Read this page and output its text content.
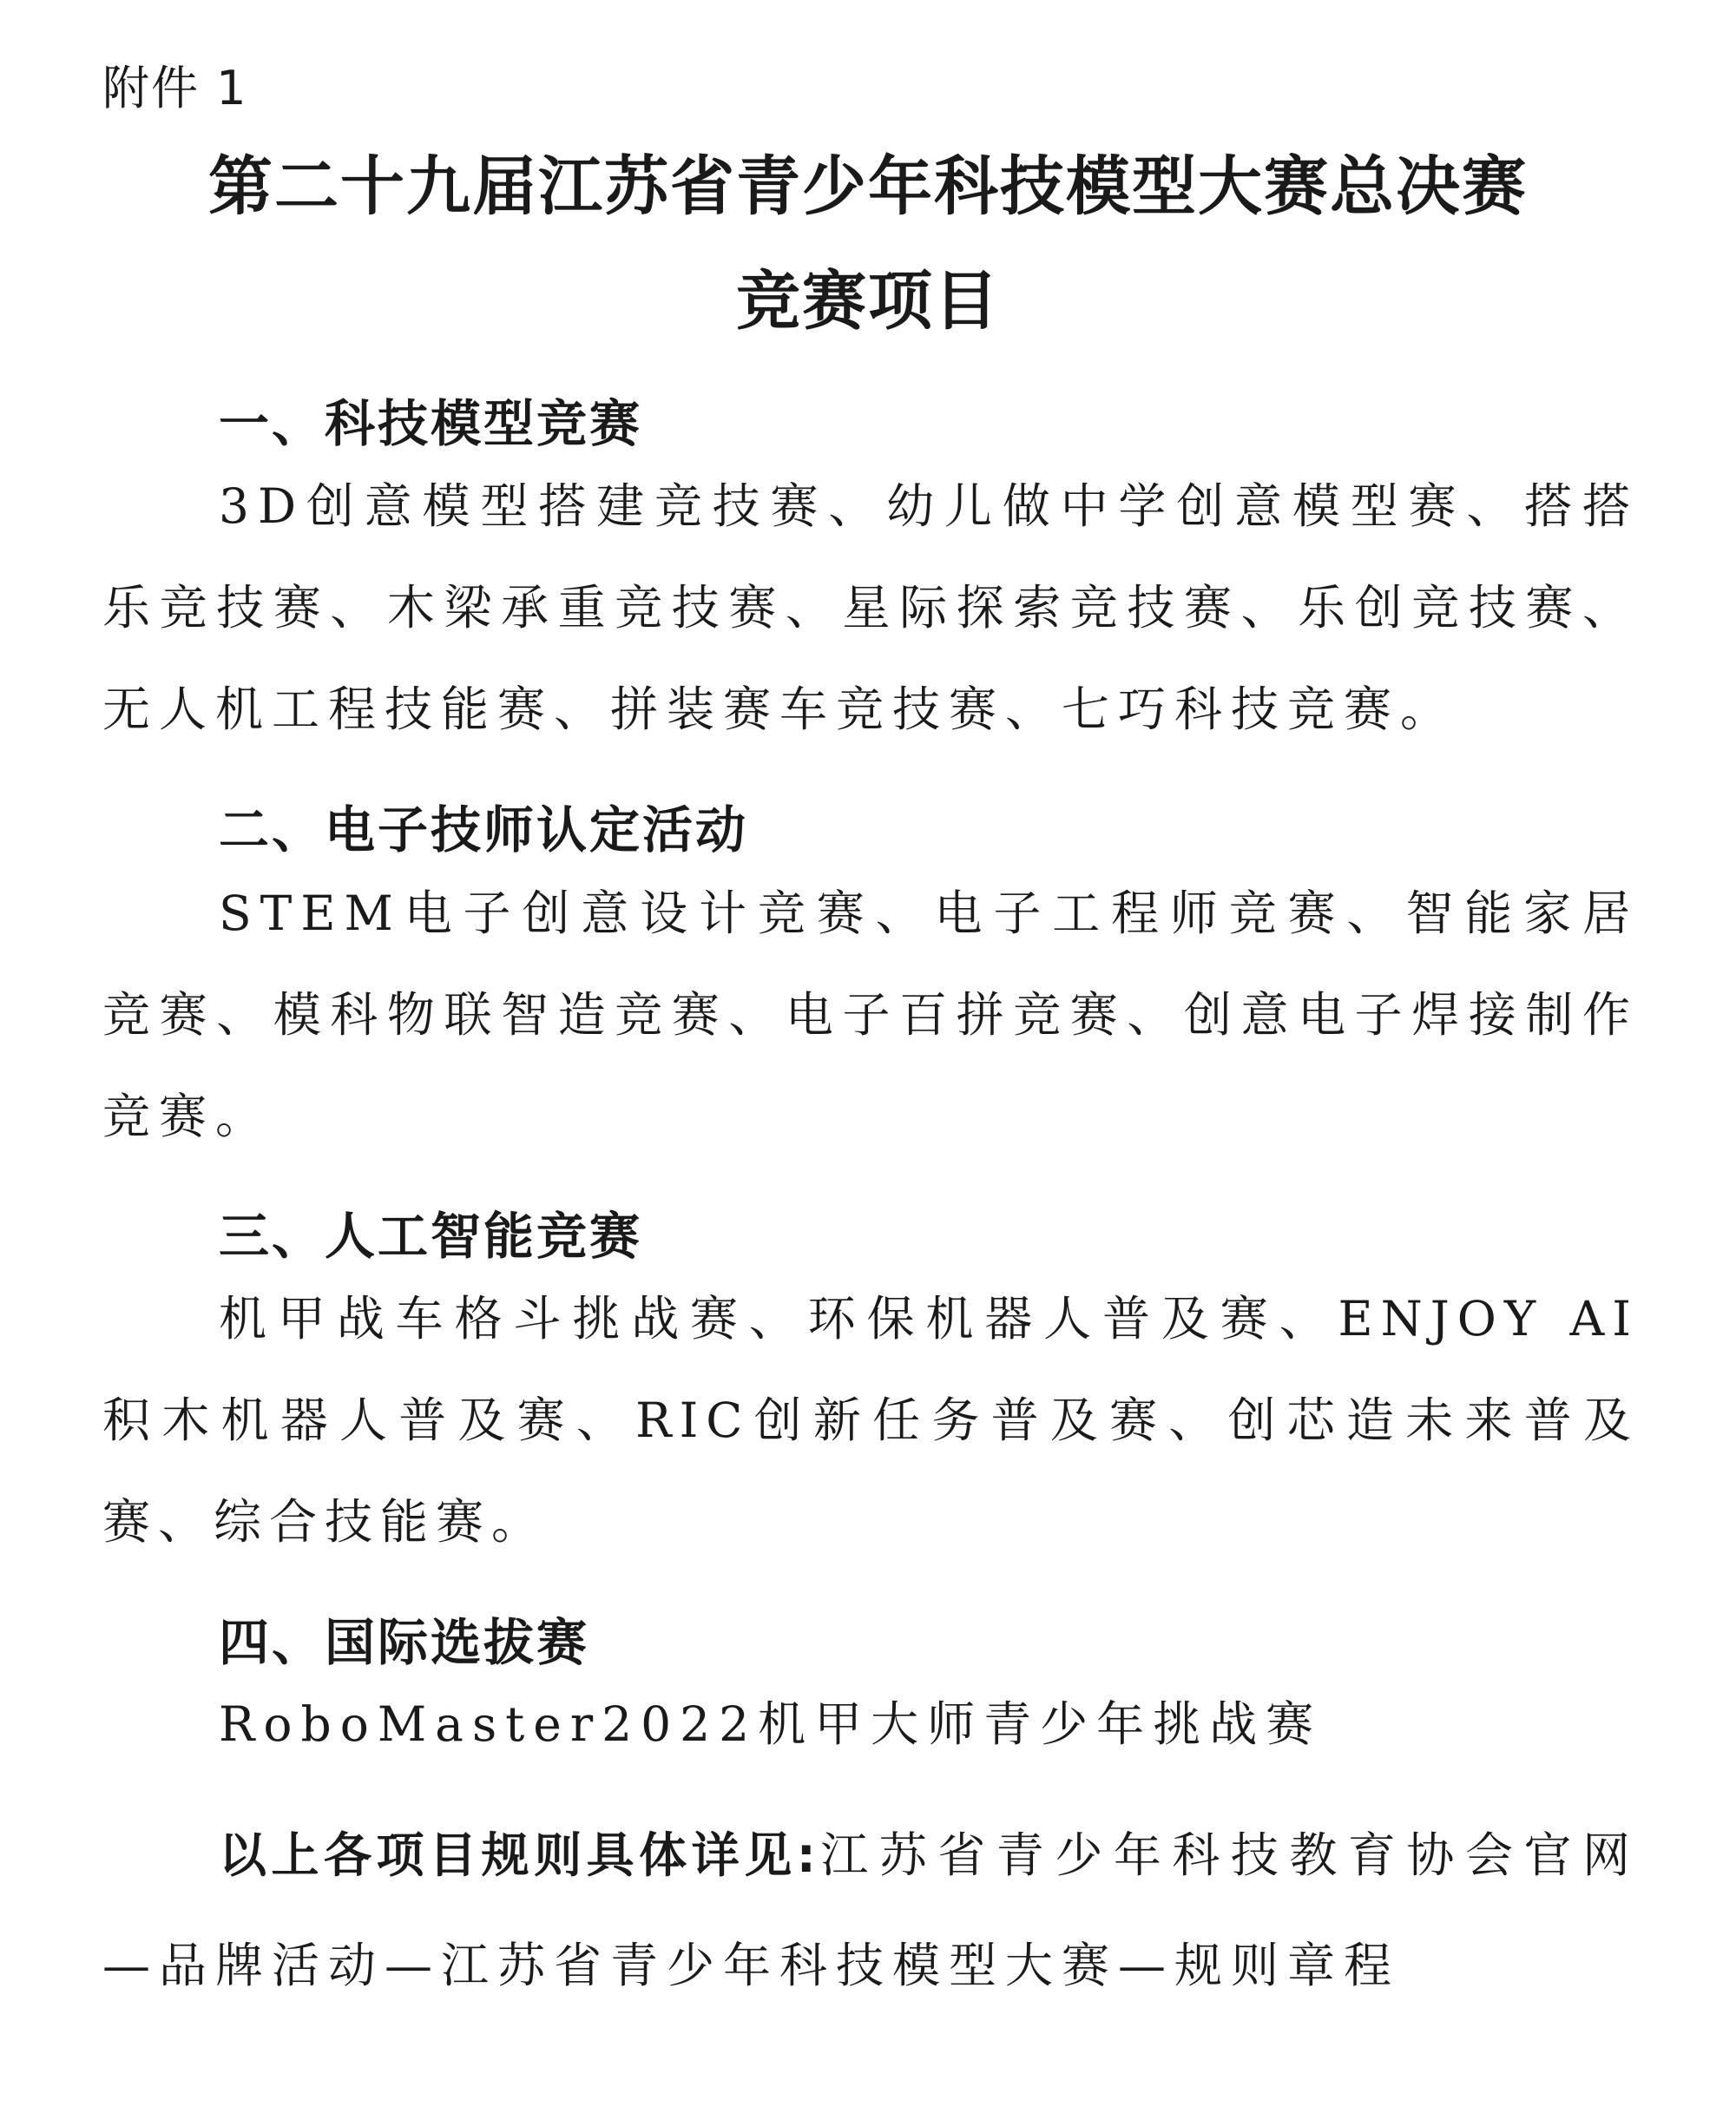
附件 1
第二十九届江苏省青少年科技模型大赛总决赛
竞赛项目
一、科技模型竞赛
3D创意模型搭建竞技赛、幼儿做中学创意模型赛、搭搭乐竞技赛、木梁承重竞技赛、星际探索竞技赛、乐创竞技赛、无人机工程技能赛、拼装赛车竞技赛、七巧科技竞赛。
二、电子技师认定活动
STEM电子创意设计竞赛、电子工程师竞赛、智能家居竞赛、模科物联智造竞赛、电子百拼竞赛、创意电子焊接制作竞赛。
三、人工智能竞赛
机甲战车格斗挑战赛、环保机器人普及赛、ENJOY AI 积木机器人普及赛、RIC创新任务普及赛、创芯造未来普及赛、综合技能赛。
四、国际选拔赛
RoboMaster2022机甲大师青少年挑战赛
以上各项目规则具体详见:江苏省青少年科技教育协会官网—品牌活动—江苏省青少年科技模型大赛—规则章程
